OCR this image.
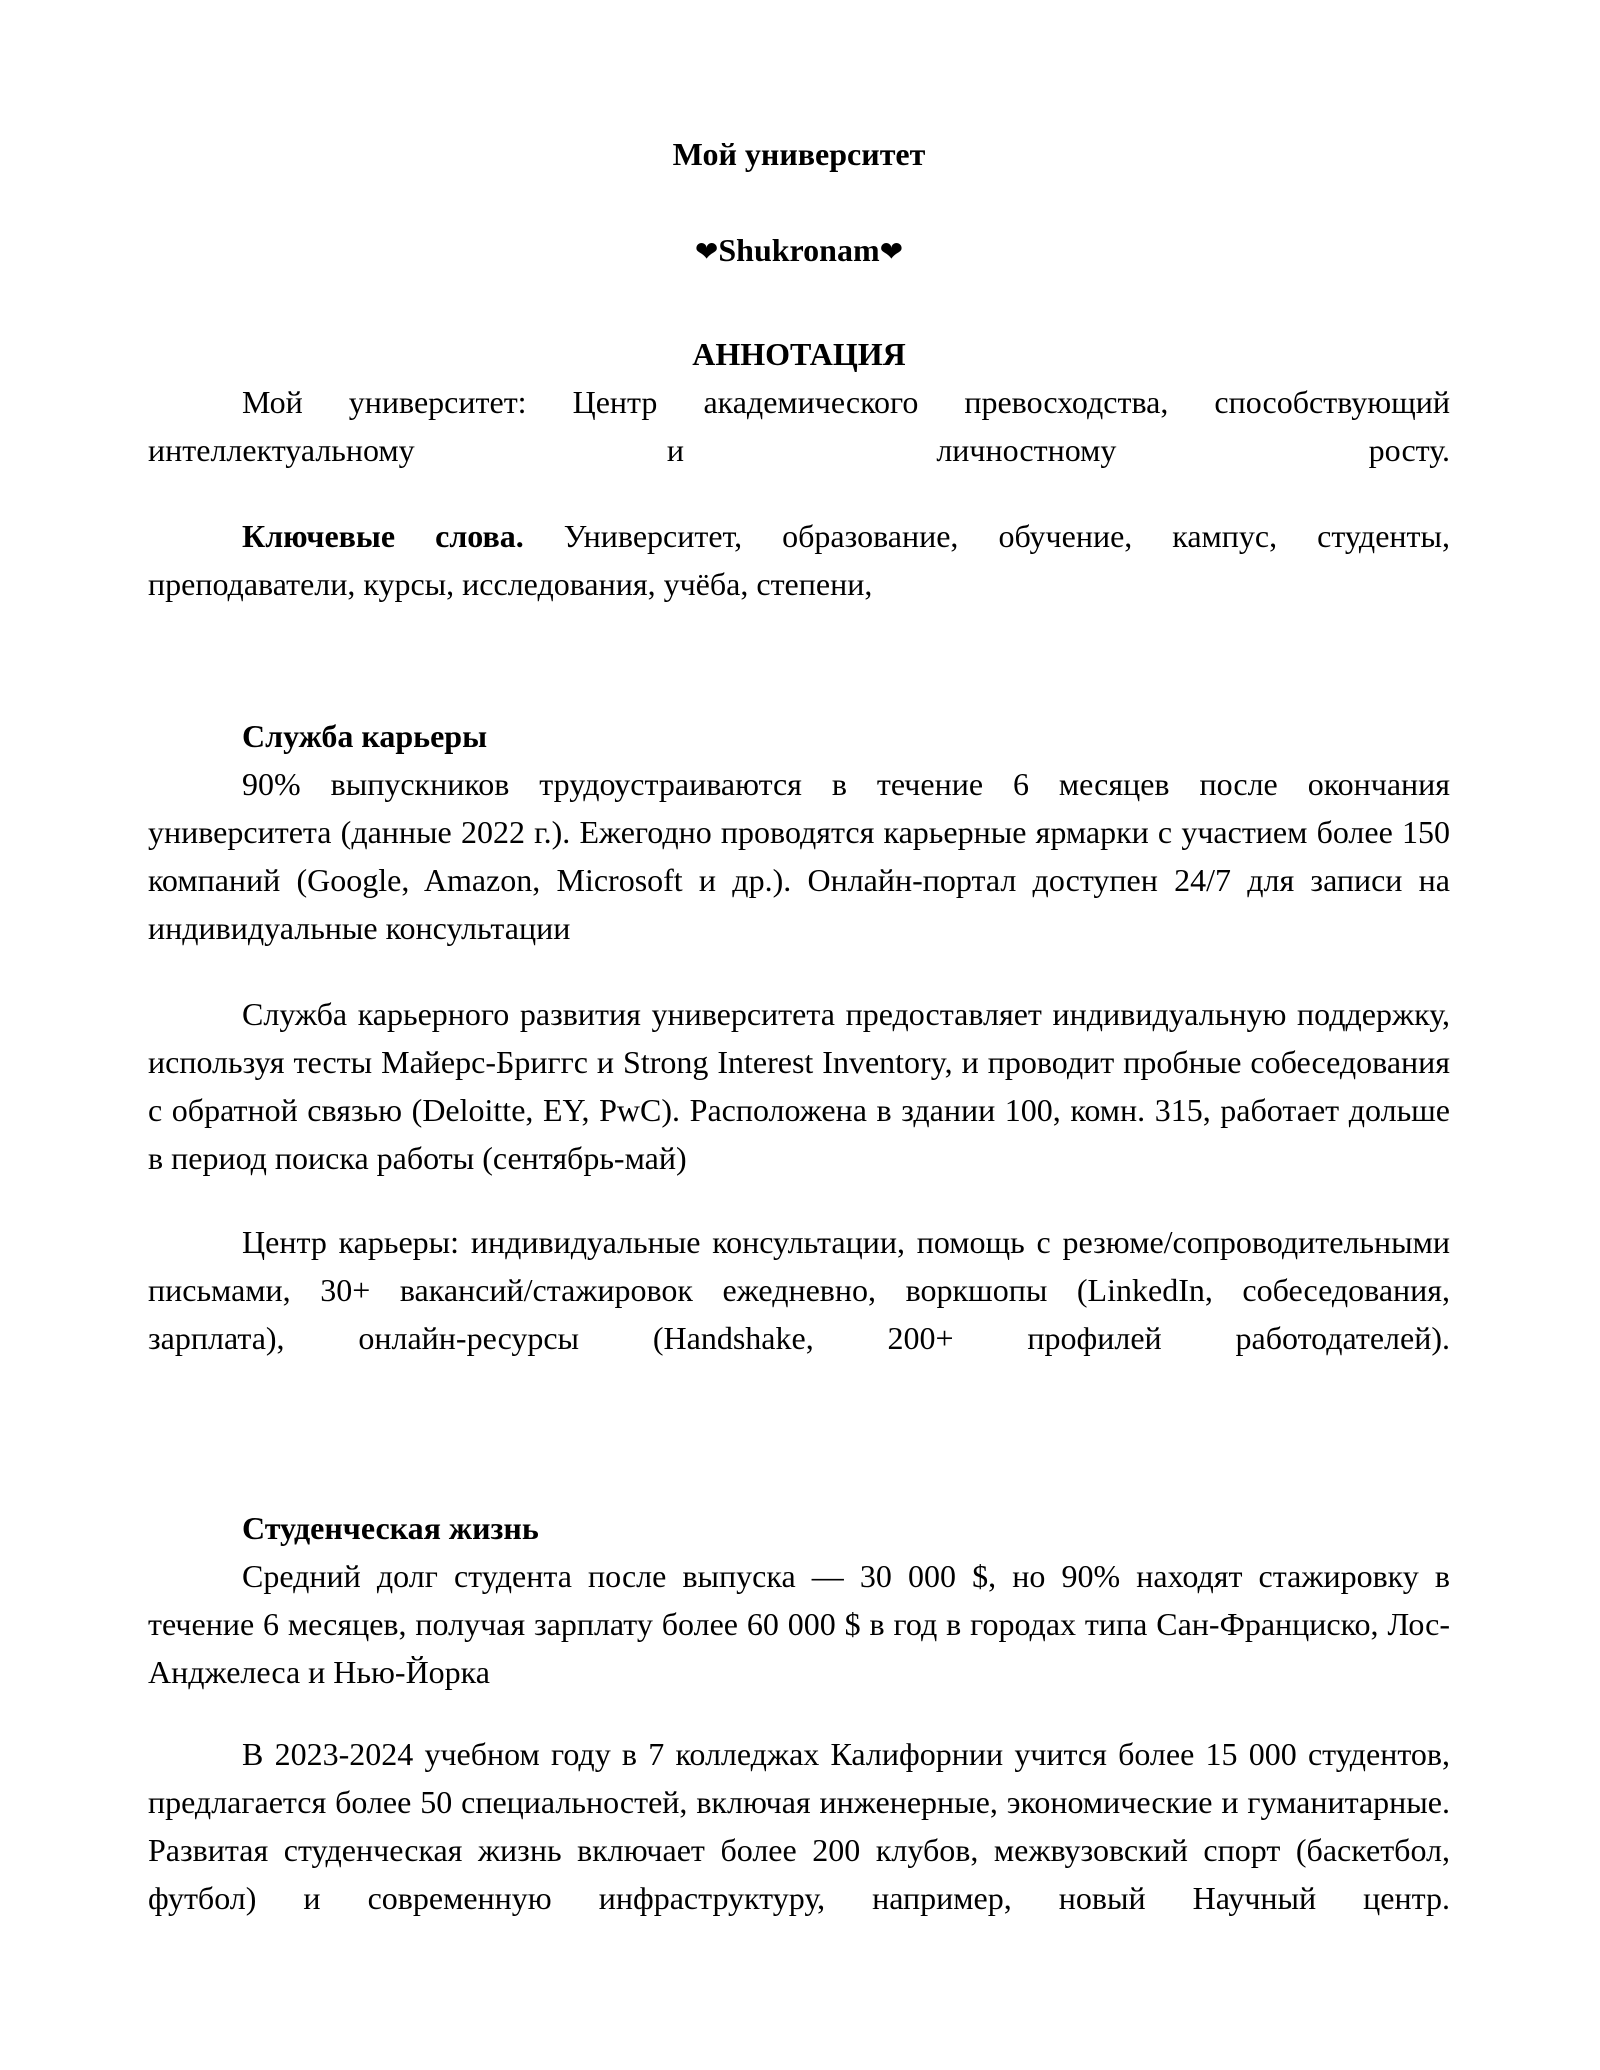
Мой университет
❤Shukronam❤
АННОТАЦИЯ
Мой университет: Центр академического превосходства, способствующий интеллектуальному и личностному росту.
Ключевые слова. Университет, образование, обучение, кампус, студенты, преподаватели, курсы, исследования, учёба, степени,
Служба карьеры
90% выпускников трудоустраиваются в течение 6 месяцев после окончания университета (данные 2022 г.). Ежегодно проводятся карьерные ярмарки с участием более 150 компаний (Google, Amazon, Microsoft и др.). Онлайн-портал доступен 24/7 для записи на индивидуальные консультации
Служба карьерного развития университета предоставляет индивидуальную поддержку, используя тесты Майерс-Бриггс и Strong Interest Inventory, и проводит пробные собеседования с обратной связью (Deloitte, EY, PwC). Расположена в здании 100, комн. 315, работает дольше в период поиска работы (сентябрь-май)
Центр карьеры: индивидуальные консультации, помощь с резюме/сопроводительными письмами, 30+ вакансий/стажировок ежедневно, воркшопы (LinkedIn, собеседования, зарплата), онлайн-ресурсы (Handshake, 200+ профилей работодателей).
Студенческая жизнь
Средний долг студента после выпуска — 30 000 $, но 90% находят стажировку в течение 6 месяцев, получая зарплату более 60 000 $ в год в городах типа Сан-Франциско, Лос-Анджелеса и Нью-Йорка
В 2023-2024 учебном году в 7 колледжах Калифорнии учится более 15 000 студентов, предлагается более 50 специальностей, включая инженерные, экономические и гуманитарные. Развитая студенческая жизнь включает более 200 клубов, межвузовский спорт (баскетбол, футбол) и современную инфраструктуру, например, новый Научный центр.
